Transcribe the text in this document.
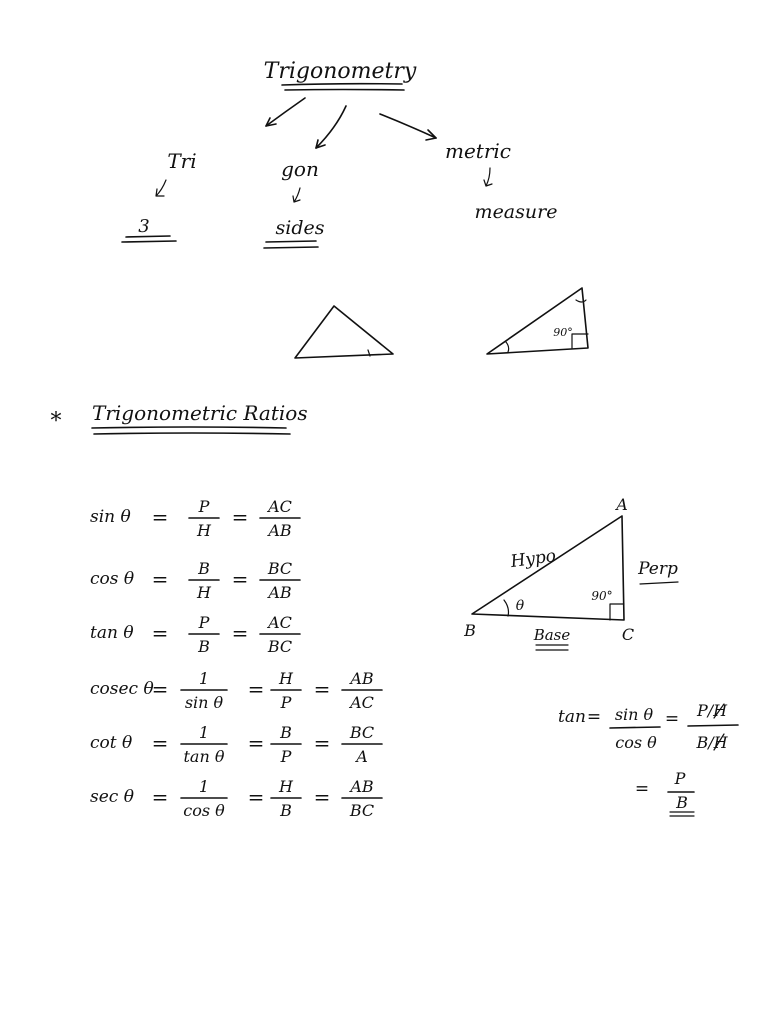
Trigonometry
Tri	gon
metric
3	sides
measure
90°
* Trigonometric Ratios
sin θ = P
H
= AC
AB
cos θ = B
H
= BC
AB
tan θ = P
B
= AC
BC
cosec θ
= 1
sin θ
= H
P
= AB
AC
cot θ = 1
tan θ
= B
P
= BC
A
sec θ = 1
cos θ
= H
B
= AB
BC
A
B	C
Hypo	Perp
Base
θ
90°
tan = sin θ
cos θ
= P/H
B/H
=
P
B
